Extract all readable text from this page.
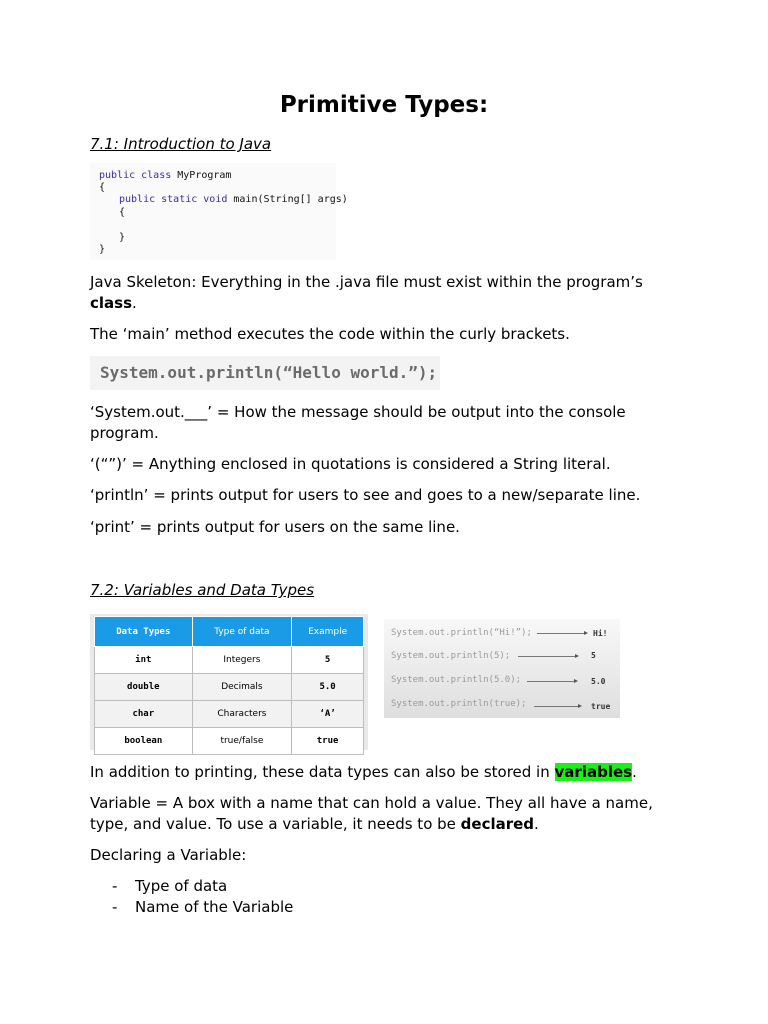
Primitive Types:

7.1: Introduction to Java

public class MyProgram
{
public static void main(String[] args)
{
}
}

Java Skeleton: Everything in the .java file must exist within the program’s class.

The ‘main’ method executes the code within the curly brackets.

System.out.println(“Hello world.”);

‘System.out.___’ = How the message should be output into the console program.

‘(“”)’ = Anything enclosed in quotations is considered a String literal.

‘println’ = prints output for users to see and goes to a new/separate line.

‘print’ = prints output for users on the same line.

7.2: Variables and Data Types

Data Types	Type of data	Example
int	Integers	5
double	Decimals	5.0
char	Characters	‘A’
boolean	true/false	true
System.out.println(“Hi!”);	Hi!
System.out.println(5);	5
System.out.println(5.0);	5.0
System.out.println(true);	true

In addition to printing, these data types can also be stored in variables.

Variable = A box with a name that can hold a value. They all have a name, type, and value. To use a variable, it needs to be declared.

Declaring a Variable:

- Type of data
- Name of the Variable
